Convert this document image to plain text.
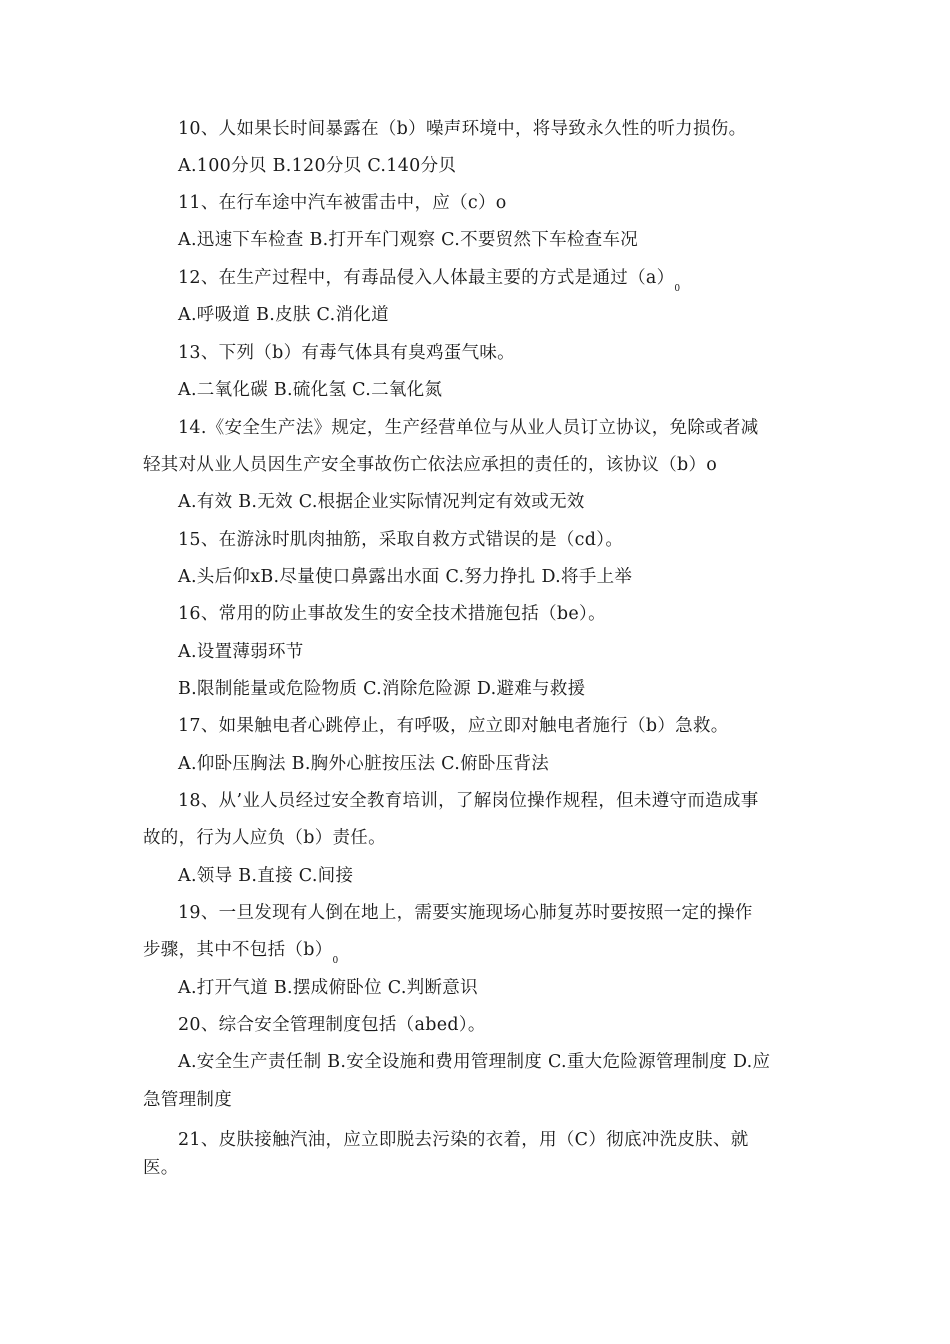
10、人如果长时间暴露在（b）噪声环境中，将导致永久性的听力损伤。
A.100分贝 B.120分贝 C.140分贝
11、在行车途中汽车被雷击中，应（c）o
A.迅速下车检查 B.打开车门观察 C.不要贸然下车检查车况
12、在生产过程中，有毒品侵入人体最主要的方式是通过$(a)_0$
A.呼吸道 B.皮肤 C.消化道
13、下列（b）有毒气体具有臭鸡蛋气味。
A.二氧化碳 B.硫化氢 C.二氧化氮
14.《安全生产法》规定，生产经营单位与从业人员订立协议，免除或者减
轻其对从业人员因生产安全事故伤亡依法应承担的责任的，该协议（b）o
A.有效 B.无效 C.根据企业实际情况判定有效或无效
15、在游泳时肌肉抽筋，采取自救方式错误的是（cd）。
A.头后仰xB.尽量使口鼻露出水面 C.努力挣扎 D.将手上举
16、常用的防止事故发生的安全技术措施包括（be）。
A.设置薄弱环节
B.限制能量或危险物质 C.消除危险源 D.避难与救援
17、如果触电者心跳停止，有呼吸，应立即对触电者施行（b）急救。
A.仰卧压胸法 B.胸外心脏按压法 C.俯卧压背法
18、从’业人员经过安全教育培训，了解岗位操作规程，但未遵守而造成事
故的，行为人应负（b）责任。
A.领导 B.直接 C.间接
19、一旦发现有人倒在地上，需要实施现场心肺复苏时要按照一定的操作
步骤，其中不包括$(b)_0$
A.打开气道 B.摆成俯卧位 C.判断意识
20、综合安全管理制度包括（abed）。
A.安全生产责任制 B.安全设施和费用管理制度 C.重大危险源管理制度 D.应
急管理制度
21、皮肤接触汽油，应立即脱去污染的衣着，用（C）彻底冲洗皮肤、就
医。
